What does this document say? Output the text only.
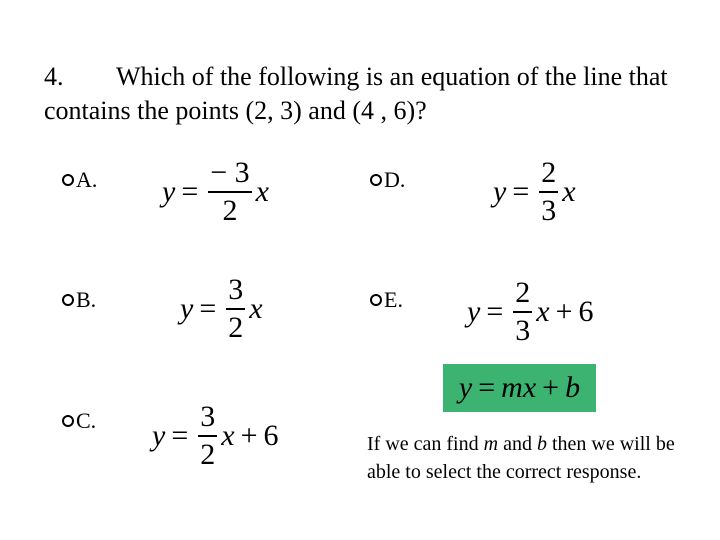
4. Which of the following is an equation of the line that contains the points (2, 3) and (4 , 6)?
A. $y = \frac{- 3}{2}$ x
B.	$y = \frac{3}{2}$ x
C. $y = \frac{3}{2}$ x + 6
D.	$y = \frac{2}{3}$ x
E. $y = \frac{2}{3}$ x + 6
y = mx + b
If we can find m and b then we will be able to select the correct response.
